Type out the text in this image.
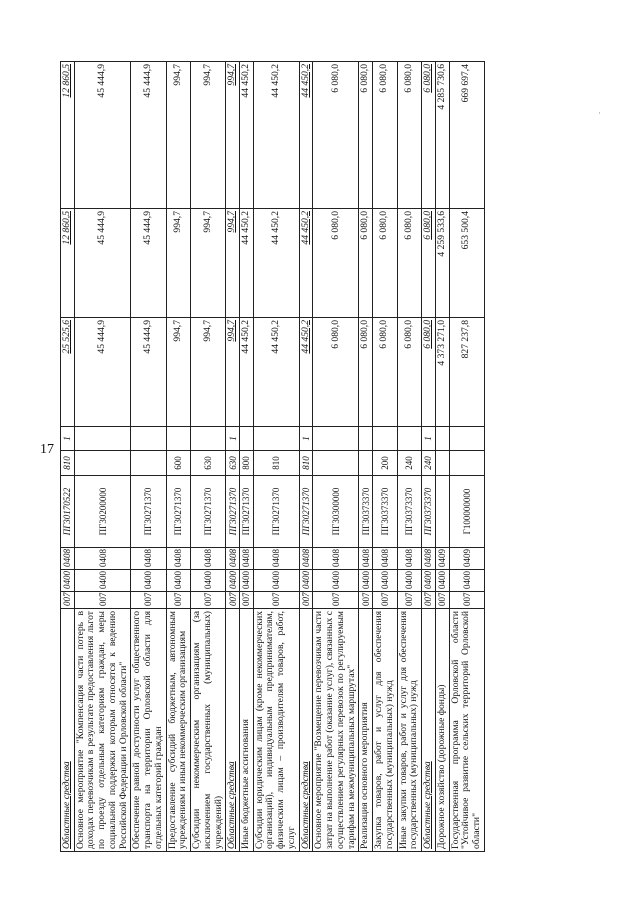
17
·
Областные средства	007	0400	0408	ПГ30170522	810	1	25 525,6	12 860,5	12 860,5
Основное мероприятие "Компенсация части потерь в доходах перевозчикам в результате предоставления льгот по проезду отдельным категориям граждан, меры социальной поддержки которым относятся к ведению Российской Федерации и Орловской области"	007	0400	0408	ПГ30200000			45 444,9	45 444,9	45 444,9
Обеспечение равной доступности услуг общественного транспорта на территории Орловской области для отдельных категорий граждан	007	0400	0408	ПГ30271370			45 444,9	45 444,9	45 444,9
Предоставление субсидий бюджетным, автономным учреждениям и иным некоммерческим организациям	007	0400	0408	ПГ30271370	600		994,7	994,7	994,7
Субсидии некоммерческим организациям (за исключением государственных (муниципальных) учреждений)	007	0400	0408	ПГ30271370	630		994,7	994,7	994,7
Областные средства	007	0400	0408	ПГ30271370	630	1	994,7	994,7	994,7
Иные бюджетные ассигнования	007	0400	0408	ПГ30271370	800		44 450,2	44 450,2	44 450,2
Субсидии юридическим лицам (кроме некоммерческих организаций), индивидуальным предпринимателям, физическим лицам – производителям товаров, работ, услуг	007	0400	0408	ПГ30271370	810		44 450,2	44 450,2	44 450,2
Областные средства	007	0400	0408	ПГ30271370	810	1	44 450,2	44 450,2	44 450,2
Основное мероприятие "Возмещение перевозчикам части затрат на выполнение работ (оказание услуг), связанных с осуществлением регулярных перевозок по регулируемым тарифам на межмуниципальных маршрутах"	007	0400	0408	ПГ30300000			6 080,0	6 080,0	6 080,0
Реализация основного мероприятия	007	0400	0408	ПГ30373370			6 080,0	6 080,0	6 080,0
Закупка товаров, работ и услуг для обеспечения государственных (муниципальных) нужд	007	0400	0408	ПГ30373370	200		6 080,0	6 080,0	6 080,0
Иные закупки товаров, работ и услуг для обеспечения государственных (муниципальных) нужд	007	0400	0408	ПГ30373370	240		6 080,0	6 080,0	6 080,0
Областные средства	007	0400	0408	ПГ30373370	240	1	6 080,0	6 080,0	6 080,0
Дорожное хозяйство (дорожные фонды)	007	0400	0409				4 373 271,0	4 259 533,6	4 285 730,6
Государственная программа Орловской области "Устойчивое развитие сельских территорий Орловской области"	007	0400	0409	Г100000000			827 237,8	653 500,4	669 697,4
